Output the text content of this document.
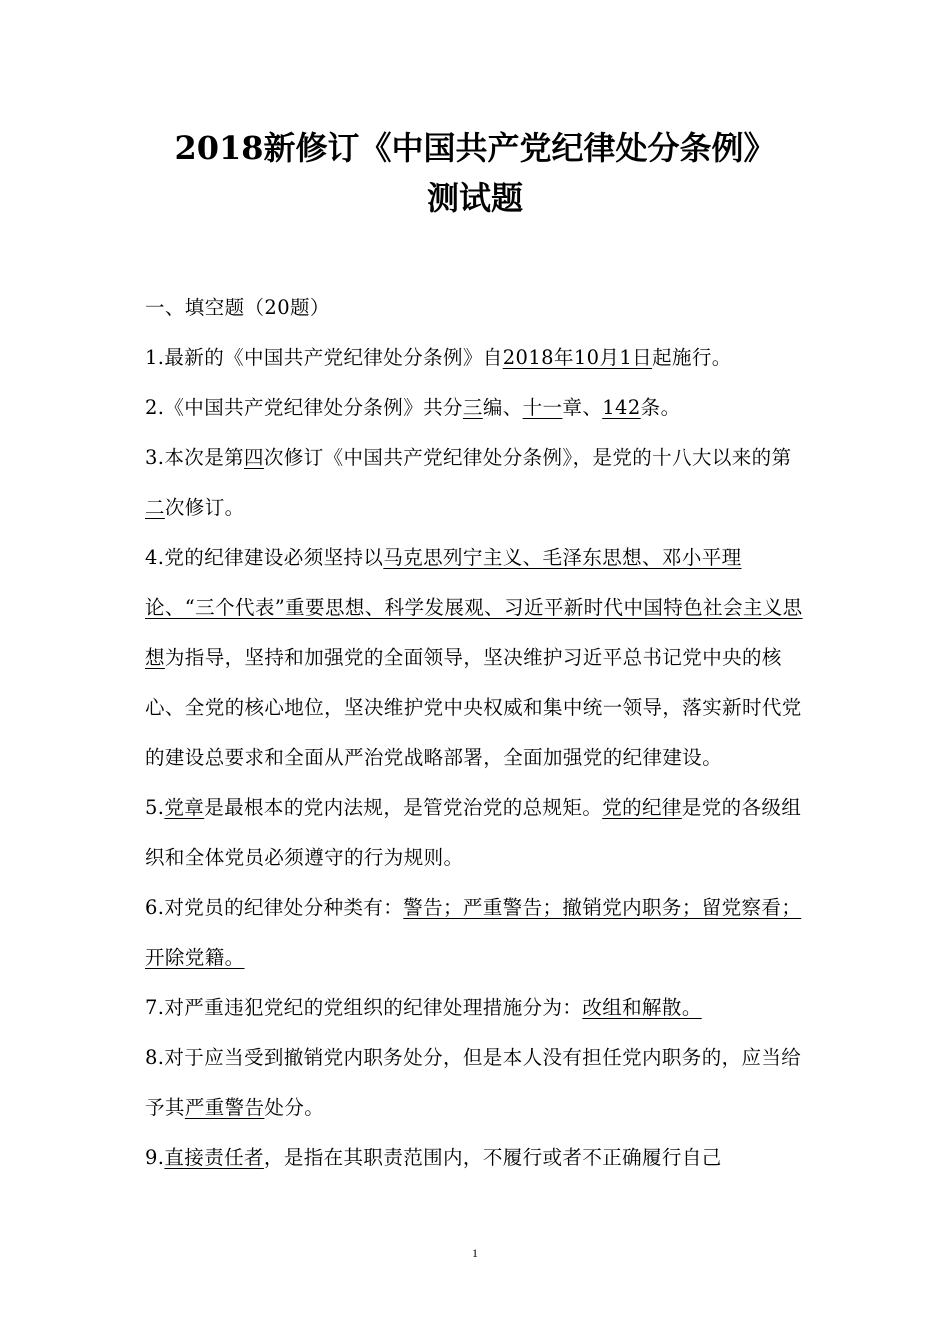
2018新修订《中国共产党纪律处分条例》
测试题

一、填空题（20题）

1.最新的《中国共产党纪律处分条例》自2018年10月1日起施行。

2.《中国共产党纪律处分条例》共分三编、十一章、142条。

3.本次是第四次修订《中国共产党纪律处分条例》，是党的十八大以来的第二次修订。

4.党的纪律建设必须坚持以马克思列宁主义、毛泽东思想、邓小平理论、“三个代表”重要思想、科学发展观、习近平新时代中国特色社会主义思想为指导，坚持和加强党的全面领导，坚决维护习近平总书记党中央的核心、全党的核心地位，坚决维护党中央权威和集中统一领导，落实新时代党的建设总要求和全面从严治党战略部署，全面加强党的纪律建设。

5.党章是最根本的党内法规，是管党治党的总规矩。党的纪律是党的各级组织和全体党员必须遵守的行为规则。

6.对党员的纪律处分种类有：警告；严重警告；撤销党内职务；留党察看；开除党籍。

7.对严重违犯党纪的党组织的纪律处理措施分为：改组和解散。

8.对于应当受到撤销党内职务处分，但是本人没有担任党内职务的，应当给予其严重警告处分。

9.直接责任者，是指在其职责范围内，不履行或者不正确履行自己

1
